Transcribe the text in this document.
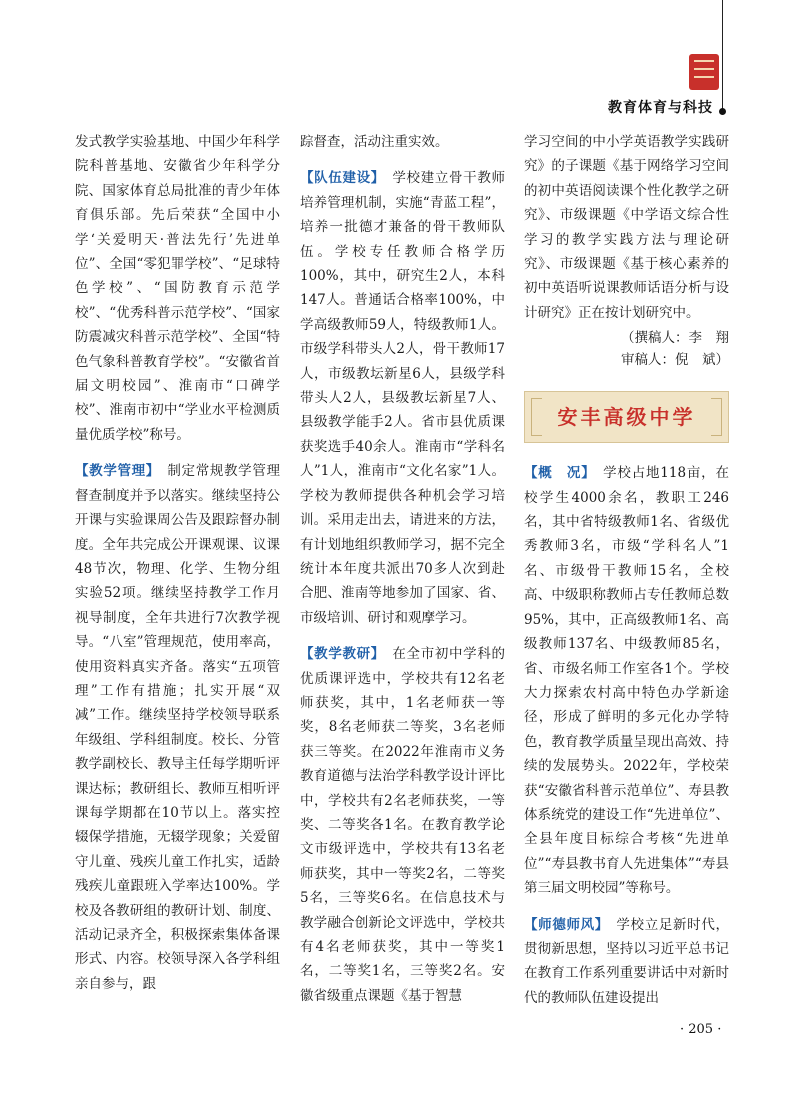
教育体育与科技

发式教学实验基地、中国少年科学院科普基地、安徽省少年科学分院、国家体育总局批准的青少年体育俱乐部。先后荣获“全国中小学‘关爱明天·普法先行’先进单位”、全国“零犯罪学校”、“足球特色学校”、“国防教育示范学校”、“优秀科普示范学校”、“国家防震减灾科普示范学校”、全国“特色气象科普教育学校”。“安徽省首届文明校园”、淮南市“口碑学校”、淮南市初中“学业水平检测质量优质学校”称号。

【教学管理】　制定常规教学管理督查制度并予以落实。继续坚持公开课与实验课周公告及跟踪督办制度。全年共完成公开课观课、议课48节次，物理、化学、生物分组实验52项。继续坚持教学工作月视导制度，全年共进行7次教学视导。“八室”管理规范，使用率高，使用资料真实齐备。落实“五项管理”工作有措施；扎实开展“双减”工作。继续坚持学校领导联系年级组、学科组制度。校长、分管教学副校长、教导主任每学期听评课达标；教研组长、教师互相听评课每学期都在10节以上。落实控辍保学措施，无辍学现象；关爱留守儿童、残疾儿童工作扎实，适龄残疾儿童跟班入学率达100%。学校及各教研组的教研计划、制度、活动记录齐全，积极探索集体备课形式、内容。校领导深入各学科组亲自参与，跟

踪督查，活动注重实效。

【队伍建设】　学校建立骨干教师培养管理机制，实施“青蓝工程”，培养一批德才兼备的骨干教师队伍。学校专任教师合格学历100%，其中，研究生2人，本科147人。普通话合格率100%，中学高级教师59人，特级教师1人。市级学科带头人2人，骨干教师17人，市级教坛新星6人，县级学科带头人2人，县级教坛新星7人、县级教学能手2人。省市县优质课获奖选手40余人。淮南市“学科名人”1人，淮南市“文化名家”1人。学校为教师提供各种机会学习培训。采用走出去，请进来的方法，有计划地组织教师学习，据不完全统计本年度共派出70多人次到赴合肥、淮南等地参加了国家、省、市级培训、研讨和观摩学习。

【教学教研】　在全市初中学科的优质课评选中，学校共有12名老师获奖，其中，1名老师获一等奖，8名老师获二等奖，3名老师获三等奖。在2022年淮南市义务教育道德与法治学科教学设计评比中，学校共有2名老师获奖，一等奖、二等奖各1名。在教育教学论文市级评选中，学校共有13名老师获奖，其中一等奖2名，二等奖5名，三等奖6名。在信息技术与教学融合创新论文评选中，学校共有4名老师获奖，其中一等奖1名，二等奖1名，三等奖2名。安徽省级重点课题《基于智慧

学习空间的中小学英语教学实践研究》的子课题《基于网络学习空间的初中英语阅读课个性化教学之研究》、市级课题《中学语文综合性学习的教学实践方法与理论研究》、市级课题《基于核心素养的初中英语听说课教师话语分析与设计研究》正在按计划研究中。

（撰稿人：李　翔
审稿人：倪　斌）
安丰高级中学

【概　况】　学校占地118亩，在校学生4000余名，教职工246名，其中省特级教师1名、省级优秀教师3名，市级“学科名人”1名、市级骨干教师15名，全校高、中级职称教师占专任教师总数95%，其中，正高级教师1名、高级教师137名、中级教师85名，省、市级名师工作室各1个。学校大力探索农村高中特色办学新途径，形成了鲜明的多元化办学特色，教育教学质量呈现出高效、持续的发展势头。2022年，学校荣获“安徽省科普示范单位”、寿县教体系统党的建设工作“先进单位”、全县年度目标综合考核“先进单位”“寿县教书育人先进集体”“寿县第三届文明校园”等称号。

【师德师风】　学校立足新时代，贯彻新思想，坚持以习近平总书记在教育工作系列重要讲话中对新时代的教师队伍建设提出

· 205 ·
